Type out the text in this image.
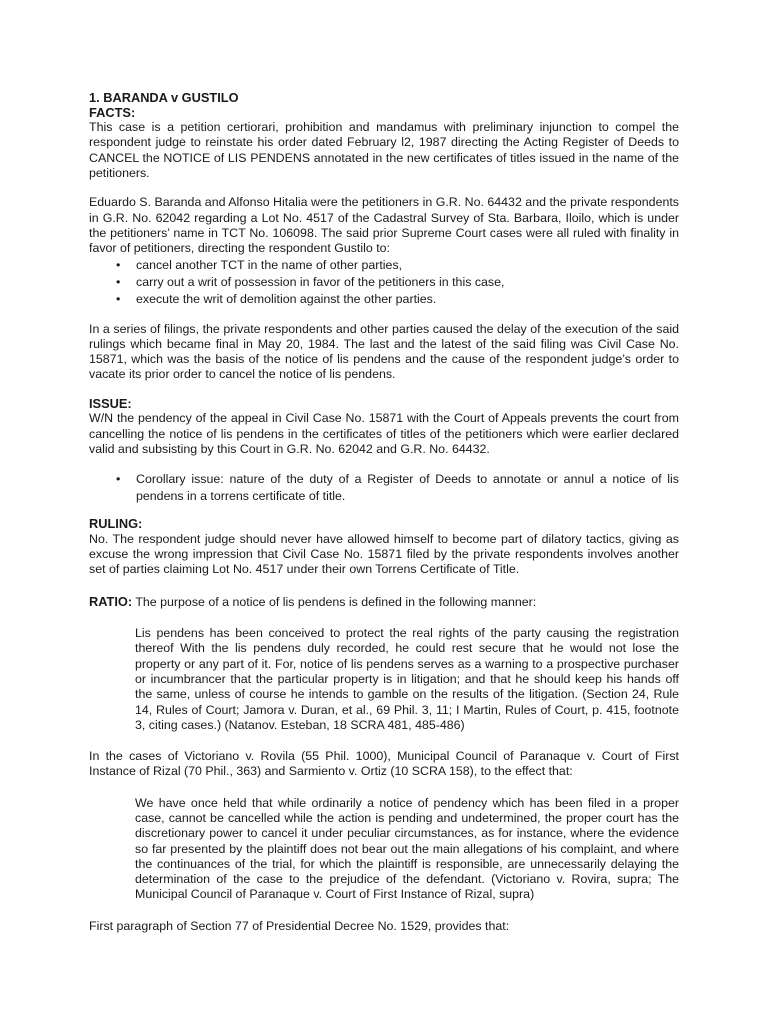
1. BARANDA v GUSTILO
FACTS:

This case is a petition certiorari, prohibition and mandamus with preliminary injunction to compel the respondent judge to reinstate his order dated February l2, 1987 directing the Acting Register of Deeds to CANCEL the NOTICE of LIS PENDENS annotated in the new certificates of titles issued in the name of the petitioners.

Eduardo S. Baranda and Alfonso Hitalia were the petitioners in G.R. No. 64432 and the private respondents in G.R. No. 62042 regarding a Lot No. 4517 of the Cadastral Survey of Sta. Barbara, Iloilo, which is under the petitioners’ name in TCT No. 106098. The said prior Supreme Court cases were all ruled with finality in favor of petitioners, directing the respondent Gustilo to:

• cancel another TCT in the name of other parties,
• carry out a writ of possession in favor of the petitioners in this case,
• execute the writ of demolition against the other parties.

In a series of filings, the private respondents and other parties caused the delay of the execution of the said rulings which became final in May 20, 1984. The last and the latest of the said filing was Civil Case No. 15871, which was the basis of the notice of lis pendens and the cause of the respondent judge’s order to vacate its prior order to cancel the notice of lis pendens.

ISSUE:

W/N the pendency of the appeal in Civil Case No. 15871 with the Court of Appeals prevents the court from cancelling the notice of lis pendens in the certificates of titles of the petitioners which were earlier declared valid and subsisting by this Court in G.R. No. 62042 and G.R. No. 64432.

• Corollary issue: nature of the duty of a Register of Deeds to annotate or annul a notice of lis pendens in a torrens certificate of title.
RULING:

No. The respondent judge should never have allowed himself to become part of dilatory tactics, giving as excuse the wrong impression that Civil Case No. 15871 filed by the private respondents involves another set of parties claiming Lot No. 4517 under their own Torrens Certificate of Title.

RATIO: The purpose of a notice of lis pendens is defined in the following manner:

Lis pendens has been conceived to protect the real rights of the party causing the registration thereof With the lis pendens duly recorded, he could rest secure that he would not lose the property or any part of it. For, notice of lis pendens serves as a warning to a prospective purchaser or incumbrancer that the particular property is in litigation; and that he should keep his hands off the same, unless of course he intends to gamble on the results of the litigation. (Section 24, Rule 14, Rules of Court; Jamora v. Duran, et al., 69 Phil. 3, 11; I Martin, Rules of Court, p. 415, footnote 3, citing cases.) (Natanov. Esteban, 18 SCRA 481, 485-486)

In the cases of Victoriano v. Rovila (55 Phil. 1000), Municipal Council of Paranaque v. Court of First Instance of Rizal (70 Phil., 363) and Sarmiento v. Ortiz (10 SCRA 158), to the effect that:

We have once held that while ordinarily a notice of pendency which has been filed in a proper case, cannot be cancelled while the action is pending and undetermined, the proper court has the discretionary power to cancel it under peculiar circumstances, as for instance, where the evidence so far presented by the plaintiff does not bear out the main allegations of his complaint, and where the continuances of the trial, for which the plaintiff is responsible, are unnecessarily delaying the determination of the case to the prejudice of the defendant. (Victoriano v. Rovira, supra; The Municipal Council of Paranaque v. Court of First Instance of Rizal, supra)

First paragraph of Section 77 of Presidential Decree No. 1529, provides that:
